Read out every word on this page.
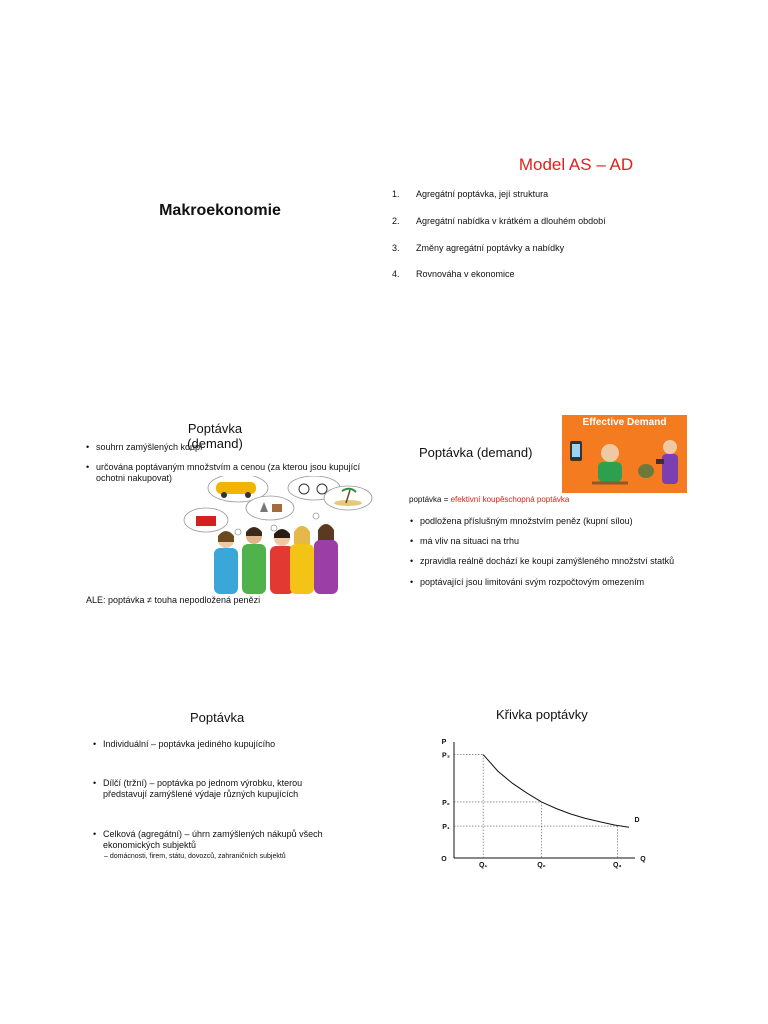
Makroekonomie
Model AS – AD
1. Agregátní poptávka, její struktura
2. Agregátní nabídka v krátkém a dlouhém období
3. Změny agregátní poptávky a nabídky
4. Rovnováha v ekonomice
Poptávka (demand)
• souhrn zamýšlených koupí
• určována poptávaným množstvím a cenou (za kterou jsou kupující ochotni nakupovat)
ALE: poptávka ≠ touha nepodložená penězi
Poptávka (demand)
Effective Demand
poptávka = efektivní koupěschopná poptávka
• podložena příslušným množstvím peněz (kupní sílou)
• má vliv na situaci na trhu
• zpravidla reálně dochází ke koupi zamýšleného množství statků
• poptávající jsou limitováni svým rozpočtovým omezením
Poptávka
• Individuální – poptávka jediného kupujícího
• Dílčí (tržní) – poptávka po jednom výrobku, kterou představují zamýšlené výdaje různých kupujících
• Celková (agregátní) – úhrn zamýšlených nákupů všech ekonomických subjektů
– domácnosti, firem, státu, dovozců, zahraničních subjektů
Křivka poptávky
P
Q
O
D
P₃
Q₁
P₂
Q₂
P₁
Q₃
